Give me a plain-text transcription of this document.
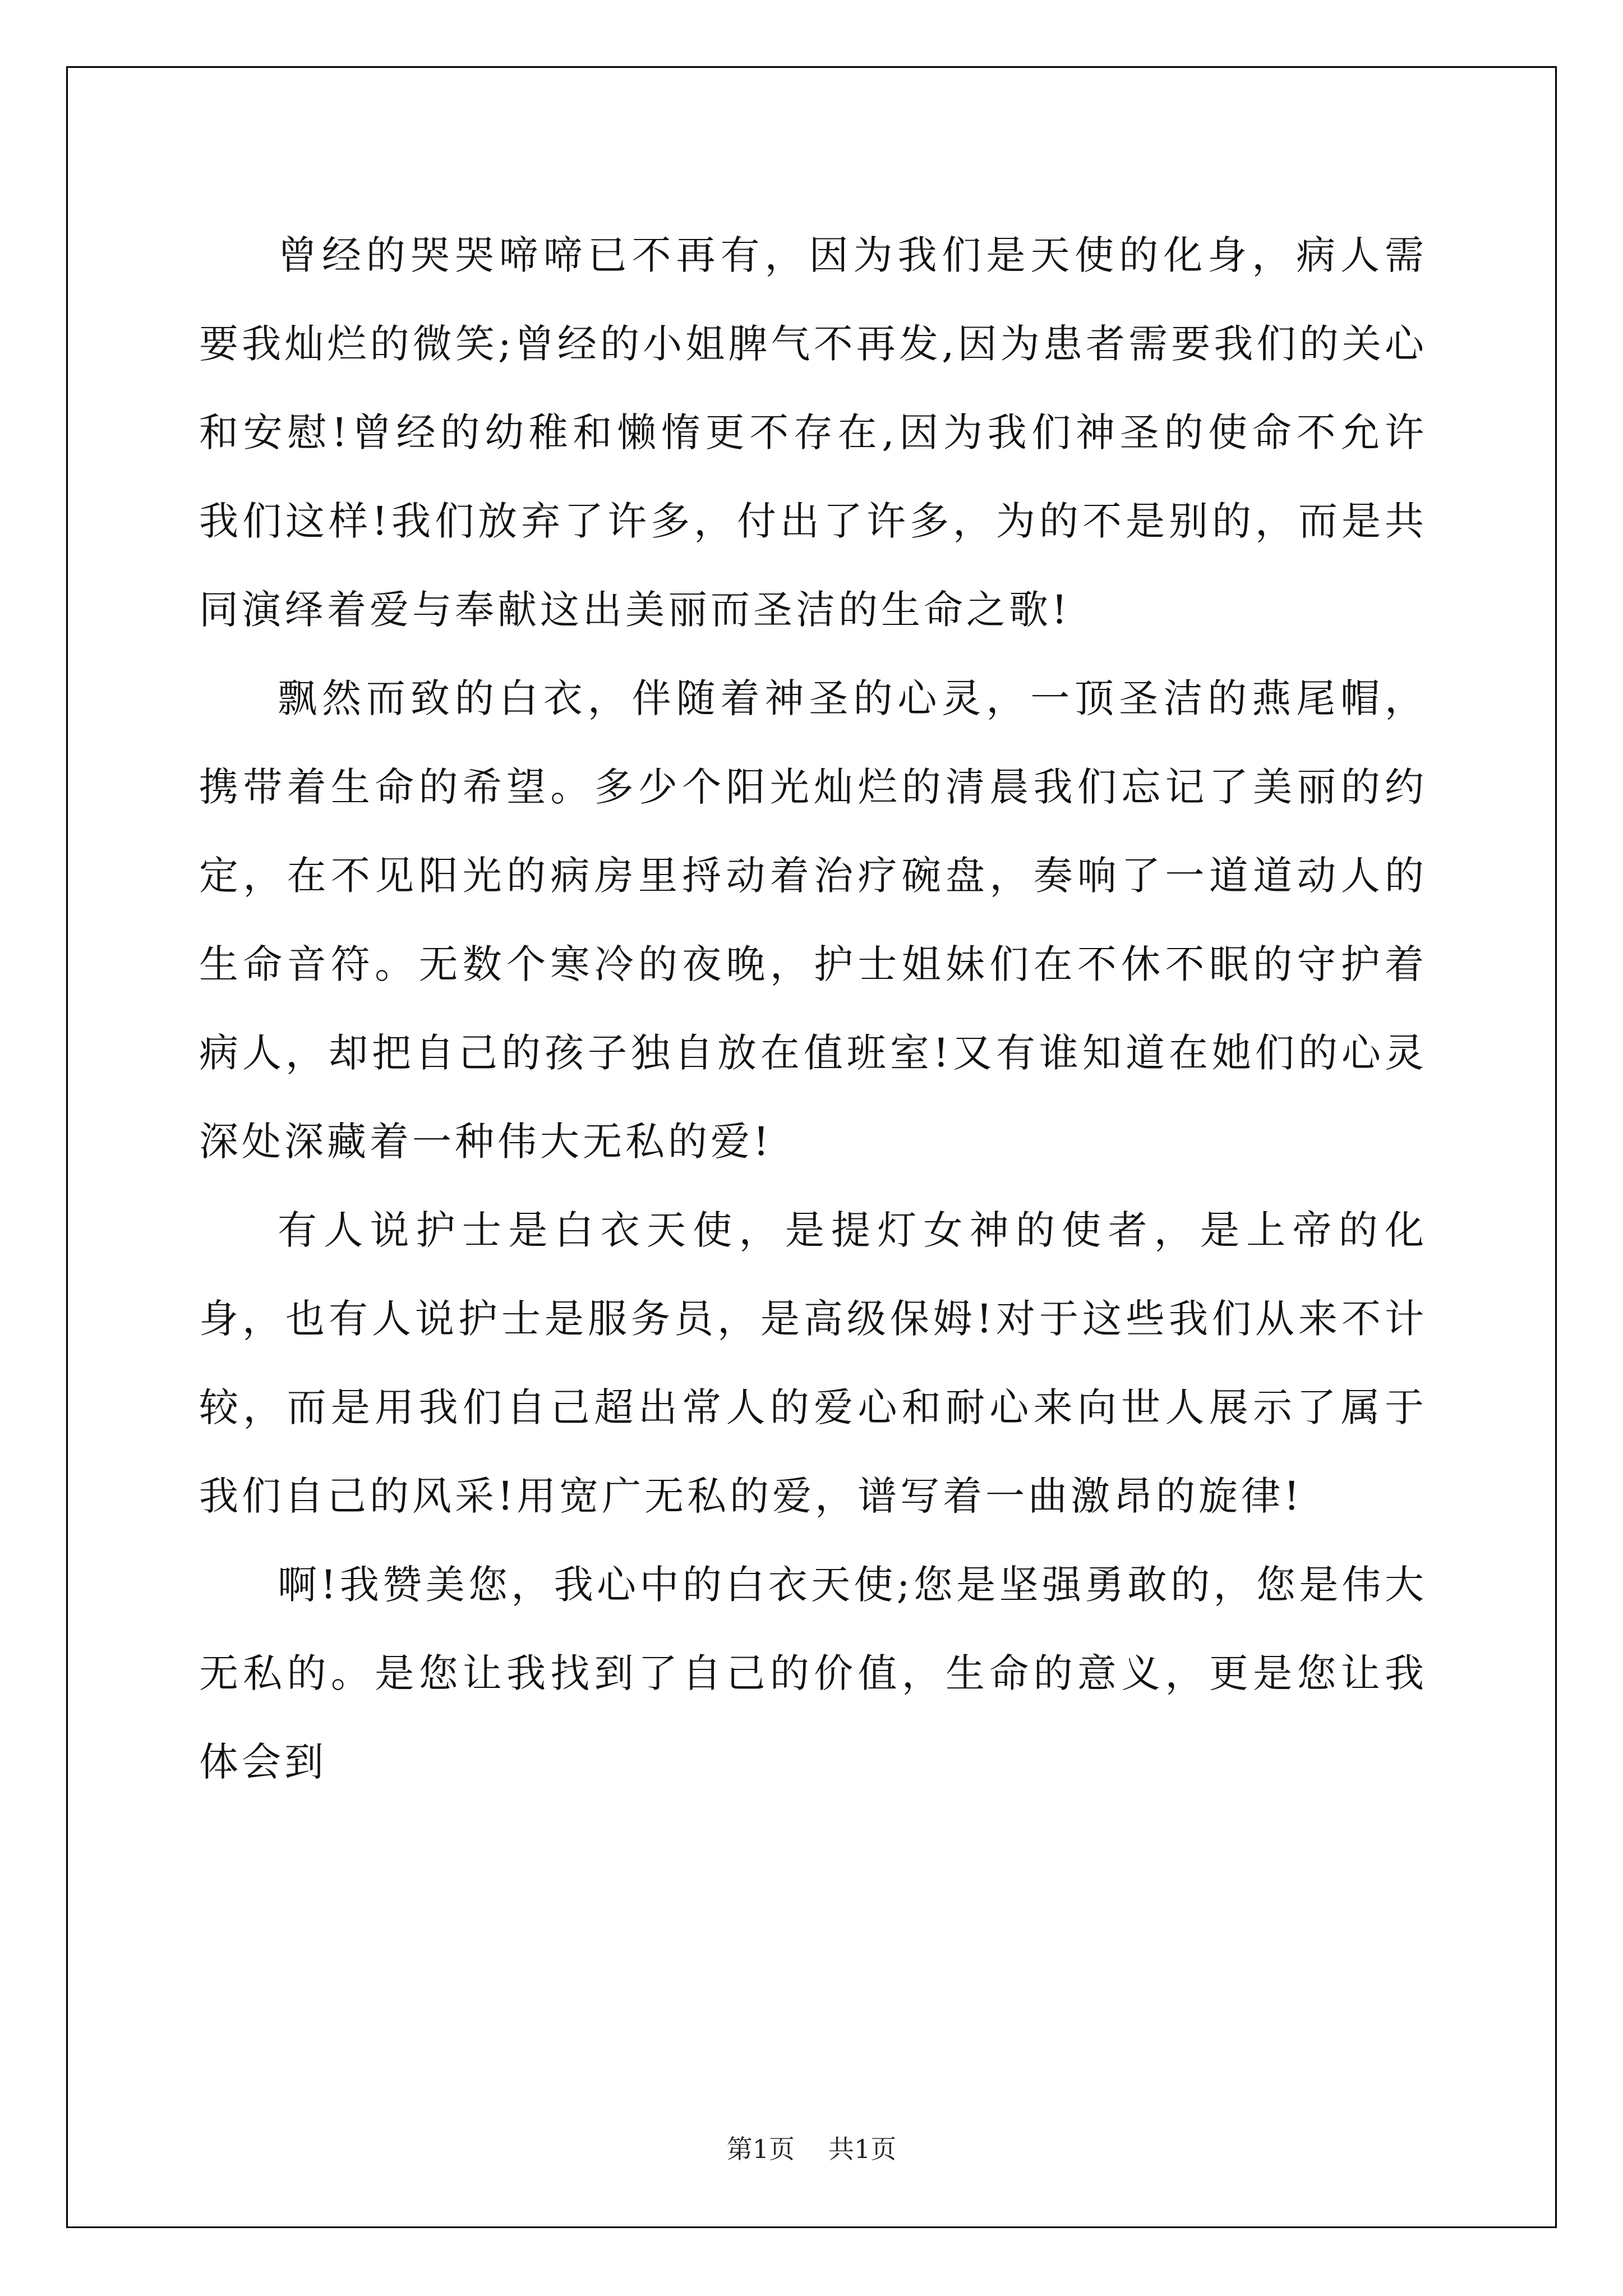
曾经的哭哭啼啼已不再有，因为我们是天使的化身，病人需要我灿烂的微笑;曾经的小姐脾气不再发,因为患者需要我们的关心和安慰!曾经的幼稚和懒惰更不存在,因为我们神圣的使命不允许我们这样!我们放弃了许多，付出了许多，为的不是别的，而是共同演绎着爱与奉献这出美丽而圣洁的生命之歌!

飘然而致的白衣，伴随着神圣的心灵，一顶圣洁的燕尾帽，携带着生命的希望。多少个阳光灿烂的清晨我们忘记了美丽的约定，在不见阳光的病房里捋动着治疗碗盘，奏响了一道道动人的生命音符。无数个寒冷的夜晚，护士姐妹们在不休不眠的守护着病人，却把自己的孩子独自放在值班室!又有谁知道在她们的心灵深处深藏着一种伟大无私的爱!

有人说护士是白衣天使，是提灯女神的使者，是上帝的化身，也有人说护士是服务员，是高级保姆!对于这些我们从来不计较，而是用我们自己超出常人的爱心和耐心来向世人展示了属于我们自己的风采!用宽广无私的爱，谱写着一曲激昂的旋律!

啊!我赞美您，我心中的白衣天使;您是坚强勇敢的，您是伟大无私的。是您让我找到了自己的价值，生命的意义，更是您让我体会到

第1页 共1页
